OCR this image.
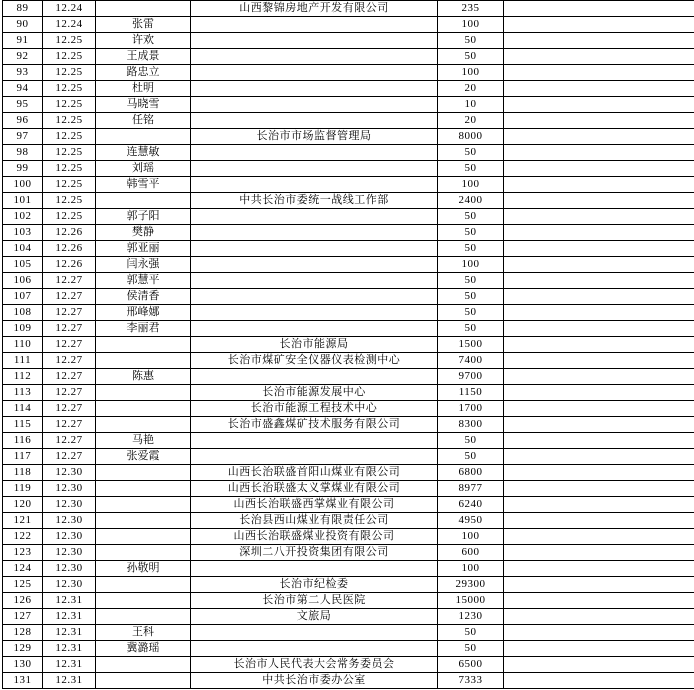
89	12.24		山西黎锦房地产开发有限公司	235	
90	12.24	张雷		100	
91	12.25	许欢		50	
92	12.25	王成景		50	
93	12.25	路忠立		100	
94	12.25	杜明		20	
95	12.25	马晓雪		10	
96	12.25	任铭		20	
97	12.25		长治市市场监督管理局	8000	
98	12.25	连慧敏		50	
99	12.25	刘瑶		50	
100	12.25	韩雪平		100	
101	12.25		中共长治市委统一战线工作部	2400	
102	12.25	郭子阳		50	
103	12.26	樊静		50	
104	12.26	郭亚丽		50	
105	12.26	闫永强		100	
106	12.27	郭慧平		50	
107	12.27	侯清香		50	
108	12.27	邢峰娜		50	
109	12.27	李丽君		50	
110	12.27		长治市能源局	1500	
111	12.27		长治市煤矿安全仪器仪表检测中心	7400	
112	12.27	陈惠		9700	
113	12.27		长治市能源发展中心	1150	
114	12.27		长治市能源工程技术中心	1700	
115	12.27		长治市盛鑫煤矿技术服务有限公司	8300	
116	12.27	马艳		50	
117	12.27	张爱霞		50	
118	12.30		山西长治联盛首阳山煤业有限公司	6800	
119	12.30		山西长治联盛太义掌煤业有限公司	8977	
120	12.30		山西长治联盛西掌煤业有限公司	6240	
121	12.30		长治县西山煤业有限责任公司	4950	
122	12.30		山西长治联盛煤业投资有限公司	100	
123	12.30		深圳二八开投资集团有限公司	600	
124	12.30	孙敬明		100	
125	12.30		长治市纪检委	29300	
126	12.31		长治市第二人民医院	15000	
127	12.31		文旅局	1230	
128	12.31	王科		50	
129	12.31	冀潞瑶		50	
130	12.31		长治市人民代表大会常务委员会	6500	
131	12.31		中共长治市委办公室	7333	
